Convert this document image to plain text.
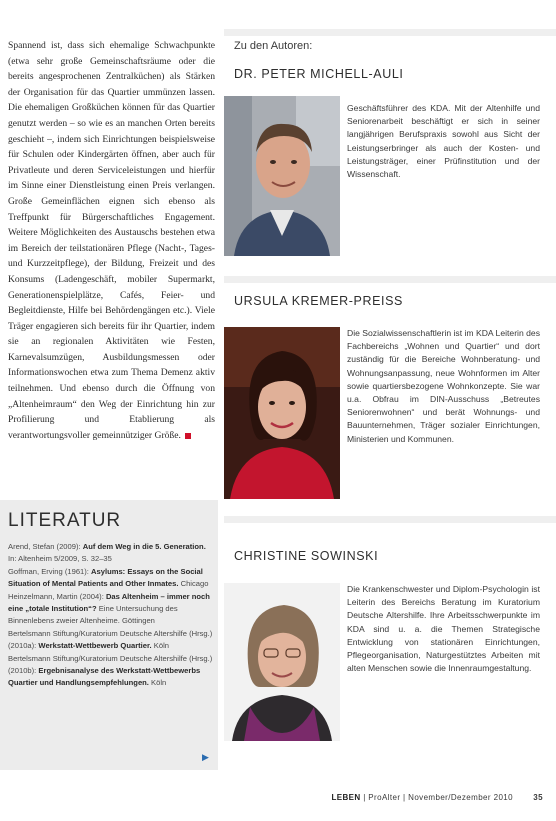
Spannend ist, dass sich ehemalige Schwachpunkte (etwa sehr große Gemeinschaftsräume oder die bereits angesprochenen Zentralküchen) als Stärken der Organisation für das Quartier ummünzen lassen. Die ehemaligen Großküchen können für das Quartier genutzt werden – so wie es an manchen Orten bereits geschieht –, indem sich Einrichtungen beispielsweise für Schulen oder Kindergärten öffnen, aber auch für Privatleute und deren Serviceleistungen und hierfür im Sinne einer Dienstleistung einen Preis verlangen. Große Gemeinflächen eignen sich ebenso als Treffpunkt für Bürgerschaftliches Engagement. Weitere Möglichkeiten des Austauschs bestehen etwa im Bereich der teilstationären Pflege (Nacht-, Tages- und Kurzzeitpflege), der Bildung, Freizeit und des Konsums (Ladengeschäft, mobiler Supermarkt, Generationenspielplätze, Cafés, Feier- und Begleitdienste, Hilfe bei Behördengängen etc.). Viele Träger engagieren sich bereits für ihr Quartier, indem sie an regionalen Aktivitäten wie Festen, Karnevalsumzügen, Ausbildungsmessen oder Informationswochen etwa zum Thema Demenz aktiv teilnehmen. Und ebenso durch die Öffnung von „Altenheimraum“ den Weg der Einrichtung hin zur Profilierung und Etablierung als verantwortungsvoller gemeinnütziger Größe.

LITERATUR
Arend, Stefan (2009): Auf dem Weg in die 5. Generation. In: Altenheim 5/2009, S. 32–35
Goffman, Erving (1961): Asylums: Essays on the Social Situation of Mental Patients and Other Inmates. Chicago
Heinzelmann, Martin (2004): Das Altenheim – immer noch eine „totale Institution“? Eine Untersuchung des Binnenlebens zweier Altenheime. Göttingen
Bertelsmann Stiftung/Kuratorium Deutsche Altershilfe (Hrsg.) (2010a): Werkstatt-Wettbewerb Quartier. Köln
Bertelsmann Stiftung/Kuratorium Deutsche Altershilfe (Hrsg.) (2010b): Ergebnisanalyse des Werkstatt-Wettbewerbs Quartier und Handlungsempfehlungen. Köln
▶
Zu den Autoren:
DR. PETER MICHELL-AULI

Geschäftsführer des KDA. Mit der Altenhilfe und Seniorenarbeit beschäftigt er sich in seiner langjährigen Berufspraxis sowohl aus Sicht der Leistungserbringer als auch der Kosten- und Leistungsträger, einer Prüfinstitution und der Wissenschaft.

URSULA KREMER-PREISS

Die Sozialwissenschaftlerin ist im KDA Leiterin des Fachbereichs „Wohnen und Quartier“ und dort zuständig für die Bereiche Wohnberatung- und Wohnungsanpassung, neue Wohnformen im Alter sowie quartiersbezogene Wohnkonzepte. Sie war u.a. Obfrau im DIN-Ausschuss „Betreutes Seniorenwohnen“ und berät Wohnungs- und Bauunternehmen, Träger sozialer Einrichtungen, Ministerien und Kommunen.

CHRISTINE SOWINSKI

Die Krankenschwester und Diplom-Psychologin ist Leiterin des Bereichs Beratung im Kuratorium Deutsche Altershilfe. Ihre Arbeitsschwerpunkte im KDA sind u. a. die Themen Strategische Entwicklung von stationären Einrichtungen, Pflegeorganisation, Naturgestütztes Arbeiten mit alten Menschen sowie die Innenraumgestaltung.

LEBEN | ProAlter | November/Dezember 2010	35
